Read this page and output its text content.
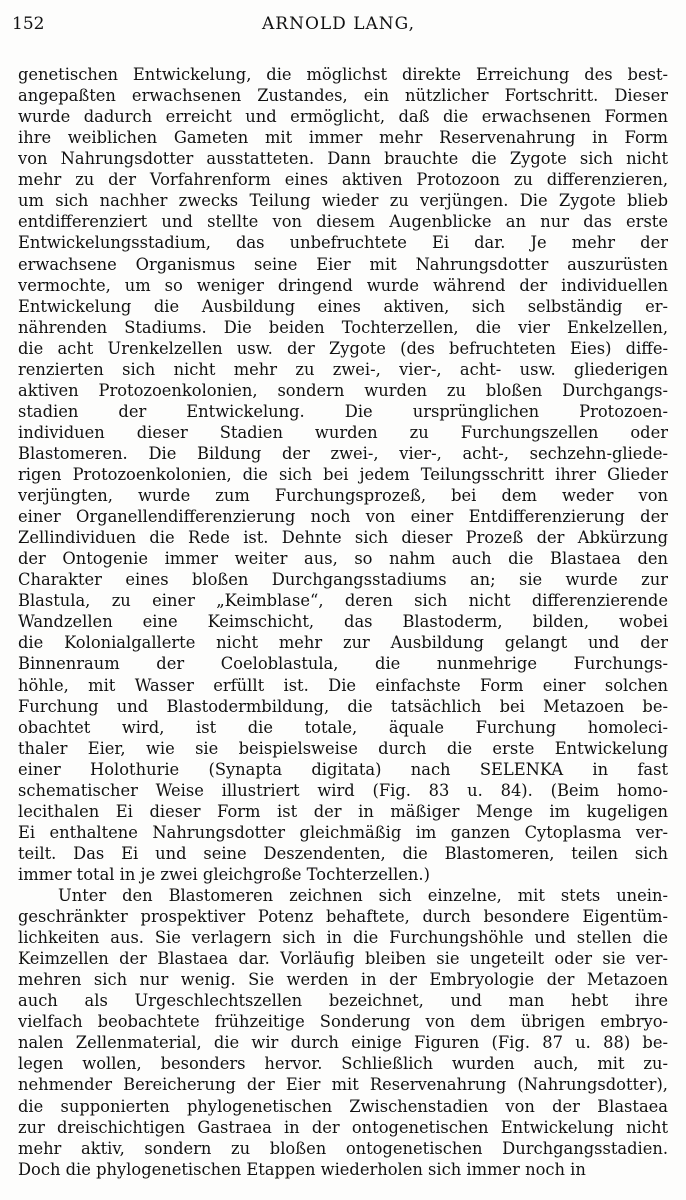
152	ARNOLD LANG,
genetischen Entwickelung, die möglichst direkte Erreichung des best-
angepaßten erwachsenen Zustandes, ein nützlicher Fortschritt. Dieser
wurde dadurch erreicht und ermöglicht, daß die erwachsenen Formen
ihre weiblichen Gameten mit immer mehr Reservenahrung in Form
von Nahrungsdotter ausstatteten. Dann brauchte die Zygote sich nicht
mehr zu der Vorfahrenform eines aktiven Protozoon zu differenzieren,
um sich nachher zwecks Teilung wieder zu verjüngen. Die Zygote blieb
entdifferenziert und stellte von diesem Augenblicke an nur das erste
Entwickelungsstadium, das unbefruchtete Ei dar. Je mehr der
erwachsene Organismus seine Eier mit Nahrungsdotter auszurüsten
vermochte, um so weniger dringend wurde während der individuellen
Entwickelung die Ausbildung eines aktiven, sich selbständig er-
nährenden Stadiums. Die beiden Tochterzellen, die vier Enkelzellen,
die acht Urenkelzellen usw. der Zygote (des befruchteten Eies) diffe-
renzierten sich nicht mehr zu zwei-, vier-, acht- usw. gliederigen
aktiven Protozoenkolonien, sondern wurden zu bloßen Durchgangs-
stadien der Entwickelung. Die ursprünglichen Protozoen-
individuen dieser Stadien wurden zu Furchungszellen oder
Blastomeren. Die Bildung der zwei-, vier-, acht-, sechzehn-gliede-
rigen Protozoenkolonien, die sich bei jedem Teilungsschritt ihrer Glieder
verjüngten, wurde zum Furchungsprozeß, bei dem weder von
einer Organellendifferenzierung noch von einer Entdifferenzierung der
Zellindividuen die Rede ist. Dehnte sich dieser Prozeß der Abkürzung
der Ontogenie immer weiter aus, so nahm auch die Blastaea den
Charakter eines bloßen Durchgangsstadiums an; sie wurde zur
Blastula, zu einer „Keimblase“, deren sich nicht differenzierende
Wandzellen eine Keimschicht, das Blastoderm, bilden, wobei
die Kolonialgallerte nicht mehr zur Ausbildung gelangt und der
Binnenraum der Coeloblastula, die nunmehrige Furchungs-
höhle, mit Wasser erfüllt ist. Die einfachste Form einer solchen
Furchung und Blastodermbildung, die tatsächlich bei Metazoen be-
obachtet wird, ist die totale, äquale Furchung homoleci-
thaler Eier, wie sie beispielsweise durch die erste Entwickelung
einer Holothurie (Synapta digitata) nach SELENKA in fast
schematischer Weise illustriert wird (Fig. 83 u. 84). (Beim homo-
lecithalen Ei dieser Form ist der in mäßiger Menge im kugeligen
Ei enthaltene Nahrungsdotter gleichmäßig im ganzen Cytoplasma ver-
teilt. Das Ei und seine Deszendenten, die Blastomeren, teilen sich
immer total in je zwei gleichgroße Tochterzellen.)
Unter den Blastomeren zeichnen sich einzelne, mit stets unein-
geschränkter prospektiver Potenz behaftete, durch besondere Eigentüm-
lichkeiten aus. Sie verlagern sich in die Furchungshöhle und stellen die
Keimzellen der Blastaea dar. Vorläufig bleiben sie ungeteilt oder sie ver-
mehren sich nur wenig. Sie werden in der Embryologie der Metazoen
auch als Urgeschlechtszellen bezeichnet, und man hebt ihre
vielfach beobachtete frühzeitige Sonderung von dem übrigen embryo-
nalen Zellenmaterial, die wir durch einige Figuren (Fig. 87 u. 88) be-
legen wollen, besonders hervor. Schließlich wurden auch, mit zu-
nehmender Bereicherung der Eier mit Reservenahrung (Nahrungsdotter),
die supponierten phylogenetischen Zwischenstadien von der Blastaea
zur dreischichtigen Gastraea in der ontogenetischen Entwickelung nicht
mehr aktiv, sondern zu bloßen ontogenetischen Durchgangsstadien.
Doch die phylogenetischen Etappen wiederholen sich immer noch in
